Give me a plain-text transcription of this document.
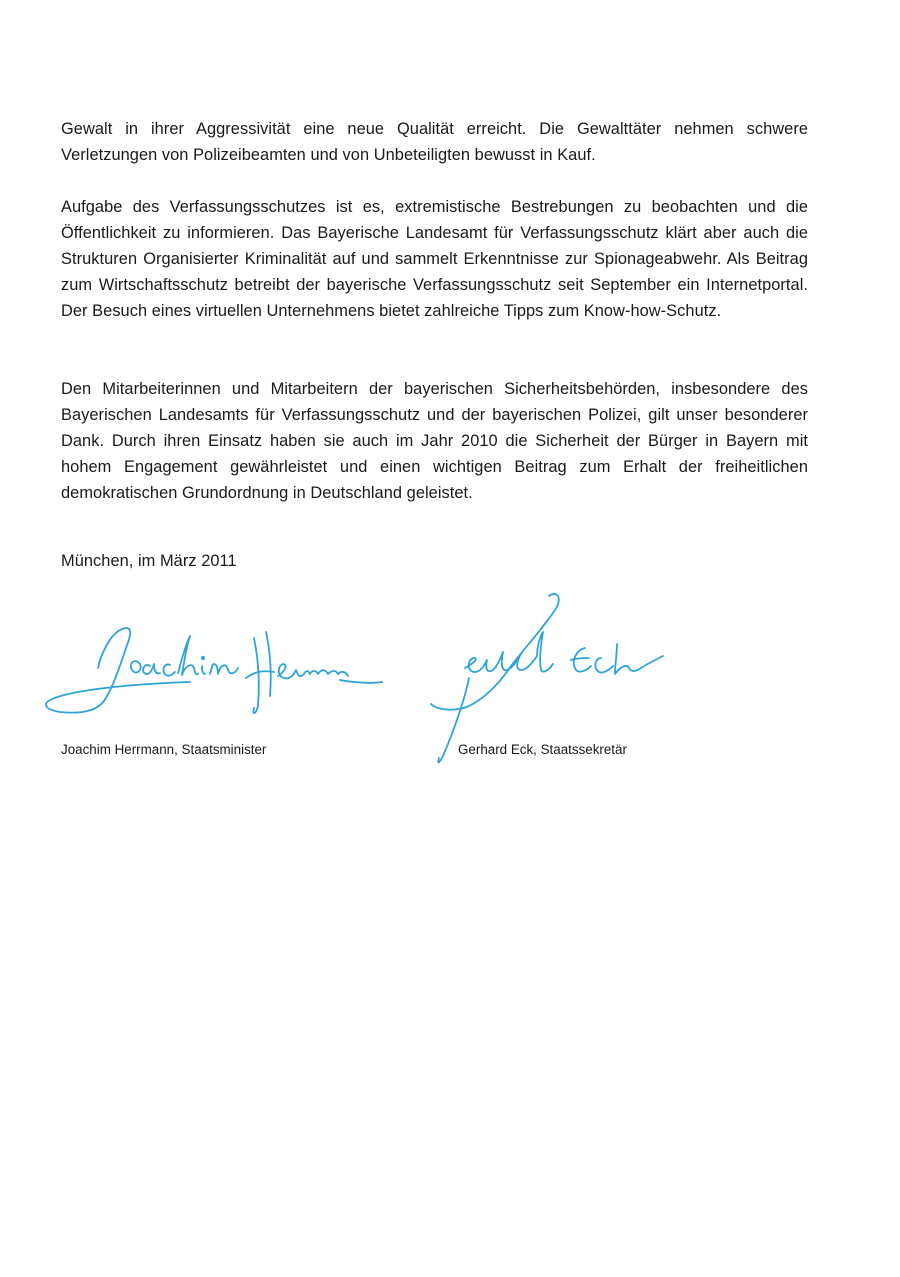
Gewalt in ihrer Aggressivität eine neue Qualität erreicht. Die Gewalttäter nehmen schwere Verletzungen von Polizeibeamten und von Unbeteiligten bewusst in Kauf.

Aufgabe des Verfassungsschutzes ist es, extremistische Bestrebungen zu beobachten und die Öffentlichkeit zu informieren. Das Bayerische Landesamt für Verfassungsschutz klärt aber auch die Strukturen Organisierter Kriminalität auf und sammelt Erkenntnisse zur Spionageabwehr. Als Beitrag zum Wirtschaftsschutz betreibt der bayerische Verfassungsschutz seit September ein Internetportal. Der Besuch eines virtuellen Unternehmens bietet zahlreiche Tipps zum Know-how-Schutz.

Den Mitarbeiterinnen und Mitarbeitern der bayerischen Sicherheitsbehörden, insbesondere des Bayerischen Landesamts für Verfassungsschutz und der bayerischen Polizei, gilt unser besonderer Dank. Durch ihren Einsatz haben sie auch im Jahr 2010 die Sicherheit der Bürger in Bayern mit hohem Engagement gewährleistet und einen wichtigen Beitrag zum Erhalt der freiheitlichen demokratischen Grundordnung in Deutschland geleistet.

München, im März 2011
Joachim Herrmann, Staatsminister	Gerhard Eck, Staatssekretär
